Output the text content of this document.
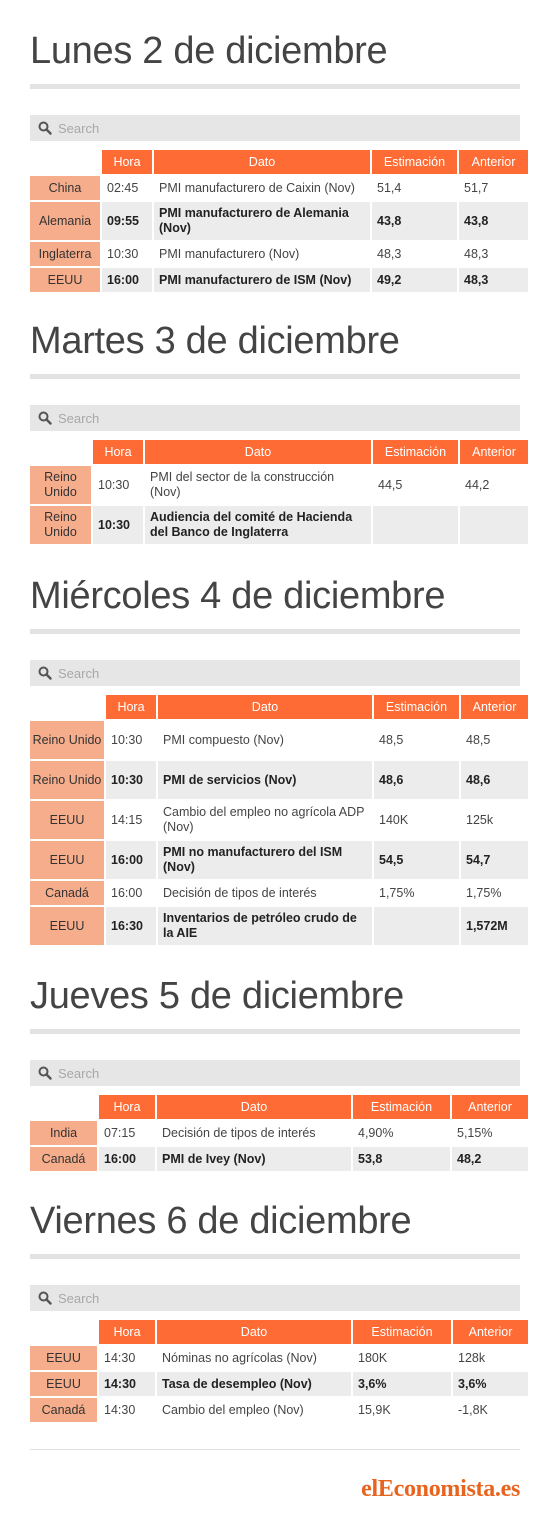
Lunes 2 de diciembre
Search
	Hora	Dato	Estimación	Anterior
China	02:45	PMI manufacturero de Caixin (Nov)	51,4	51,7
Alemania	09:55	PMI manufacturero de Alemania (Nov)	43,8	43,8
Inglaterra	10:30	PMI manufacturero (Nov)	48,3	48,3
EEUU	16:00	PMI manufacturero de ISM (Nov)	49,2	48,3
Martes 3 de diciembre
Search
	Hora	Dato	Estimación	Anterior
Reino Unido	10:30	PMI del sector de la construcción (Nov)	44,5	44,2
Reino Unido	10:30	Audiencia del comité de Hacienda del Banco de Inglaterra		
Miércoles 4 de diciembre
Search
	Hora	Dato	Estimación	Anterior
Reino Unido	10:30	PMI compuesto (Nov)	48,5	48,5
Reino Unido	10:30	PMI de servicios (Nov)	48,6	48,6
EEUU	14:15	Cambio del empleo no agrícola ADP (Nov)	140K	125k
EEUU	16:00	PMI no manufacturero del ISM (Nov)	54,5	54,7
Canadá	16:00	Decisión de tipos de interés	1,75%	1,75%
EEUU	16:30	Inventarios de petróleo crudo de la AIE		1,572M
Jueves 5 de diciembre
Search
	Hora	Dato	Estimación	Anterior
India	07:15	Decisión de tipos de interés	4,90%	5,15%
Canadá	16:00	PMI de Ivey (Nov)	53,8	48,2
Viernes 6 de diciembre
Search
	Hora	Dato	Estimación	Anterior
EEUU	14:30	Nóminas no agrícolas (Nov)	180K	128k
EEUU	14:30	Tasa de desempleo (Nov)	3,6%	3,6%
Canadá	14:30	Cambio del empleo (Nov)	15,9K	-1,8K
elEconomista.es
